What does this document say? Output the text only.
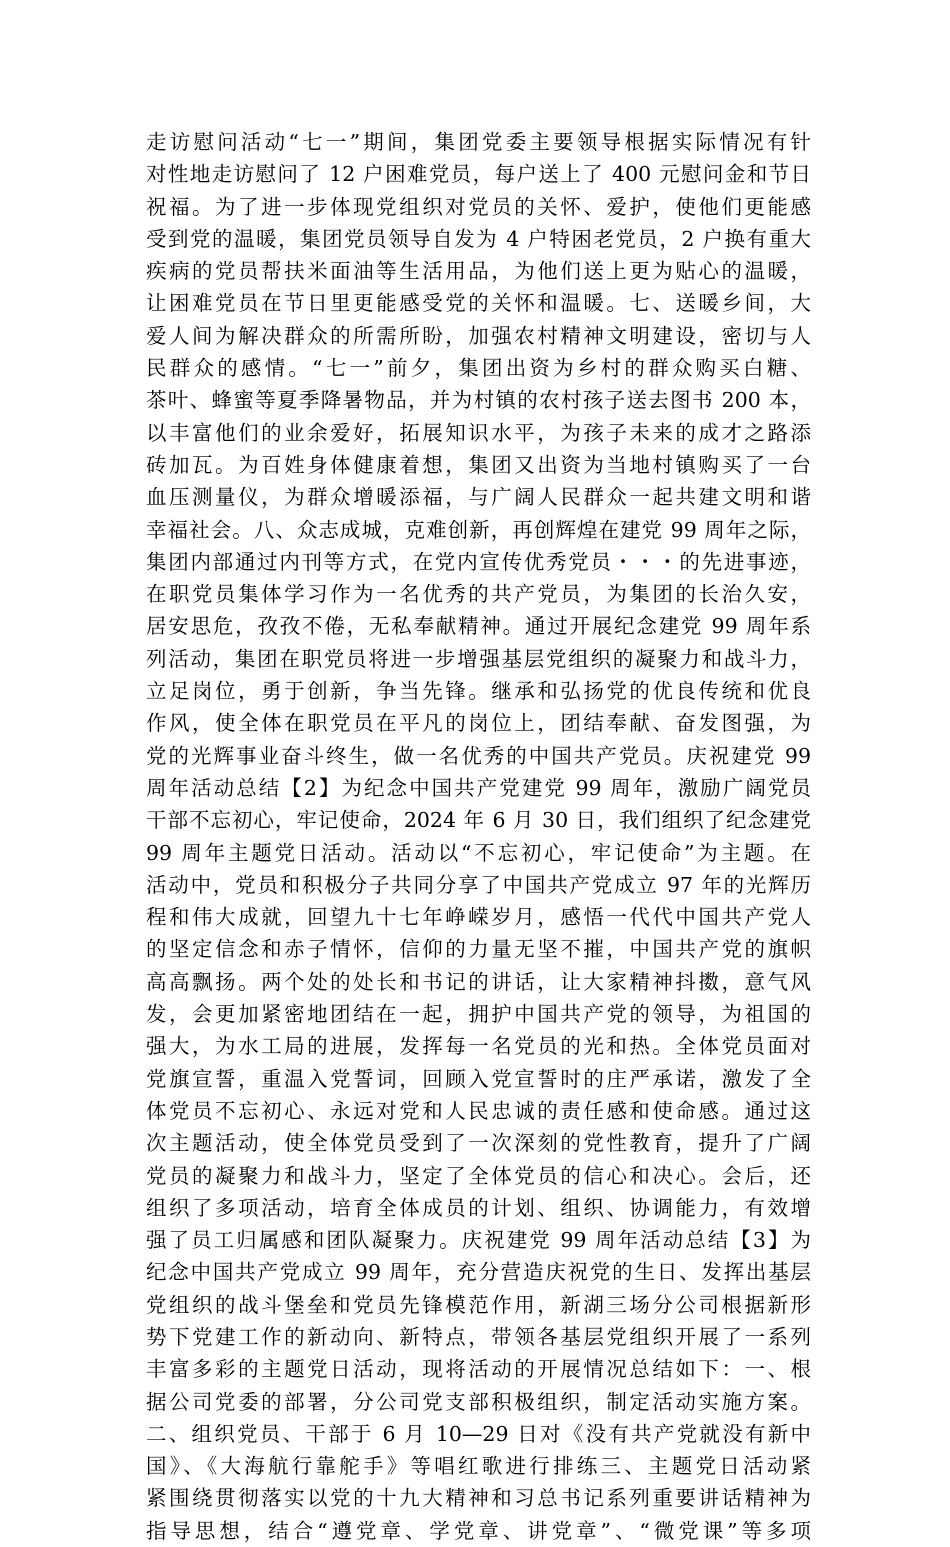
走访慰问活动“七一”期间，集团党委主要领导根据实际情况有针
对性地走访慰问了 12 户困难党员，每户送上了 400 元慰问金和节日
祝福。为了进一步体现党组织对党员的关怀、爱护，使他们更能感
受到党的温暖，集团党员领导自发为 4 户特困老党员，2 户换有重大
疾病的党员帮扶米面油等生活用品，为他们送上更为贴心的温暖，
让困难党员在节日里更能感受党的关怀和温暖。七、送暖乡间，大
爱人间为解决群众的所需所盼，加强农村精神文明建设，密切与人
民群众的感情。“七一”前夕，集团出资为乡村的群众购买白糖、
茶叶、蜂蜜等夏季降暑物品，并为村镇的农村孩子送去图书 200 本，
以丰富他们的业余爱好，拓展知识水平，为孩子未来的成才之路添
砖加瓦。为百姓身体健康着想，集团又出资为当地村镇购买了一台
血压测量仪，为群众增暖添福，与广阔人民群众一起共建文明和谐
幸福社会。八、众志成城，克难创新，再创辉煌在建党 99 周年之际，
集团内部通过内刊等方式，在党内宣传优秀党员・・・的先进事迹，
在职党员集体学习作为一名优秀的共产党员，为集团的长治久安，
居安思危，孜孜不倦，无私奉献精神。通过开展纪念建党 99 周年系
列活动，集团在职党员将进一步增强基层党组织的凝聚力和战斗力，
立足岗位，勇于创新，争当先锋。继承和弘扬党的优良传统和优良
作风，使全体在职党员在平凡的岗位上，团结奉献、奋发图强，为
党的光辉事业奋斗终生，做一名优秀的中国共产党员。庆祝建党 99
周年活动总结【2】为纪念中国共产党建党 99 周年，激励广阔党员
干部不忘初心，牢记使命，2024 年 6 月 30 日，我们组织了纪念建党
99 周年主题党日活动。活动以“不忘初心，牢记使命”为主题。在
活动中，党员和积极分子共同分享了中国共产党成立 97 年的光辉历
程和伟大成就，回望九十七年峥嵘岁月，感悟一代代中国共产党人
的坚定信念和赤子情怀，信仰的力量无坚不摧，中国共产党的旗帜
高高飘扬。两个处的处长和书记的讲话，让大家精神抖擞，意气风
发，会更加紧密地团结在一起，拥护中国共产党的领导，为祖国的
强大，为水工局的进展，发挥每一名党员的光和热。全体党员面对
党旗宣誓，重温入党誓词，回顾入党宣誓时的庄严承诺，激发了全
体党员不忘初心、永远对党和人民忠诚的责任感和使命感。通过这
次主题活动，使全体党员受到了一次深刻的党性教育，提升了广阔
党员的凝聚力和战斗力，坚定了全体党员的信心和决心。会后，还
组织了多项活动，培育全体成员的计划、组织、协调能力，有效增
强了员工归属感和团队凝聚力。庆祝建党 99 周年活动总结【3】为
纪念中国共产党成立 99 周年，充分营造庆祝党的生日、发挥出基层
党组织的战斗堡垒和党员先锋模范作用，新湖三场分公司根据新形
势下党建工作的新动向、新特点，带领各基层党组织开展了一系列
丰富多彩的主题党日活动，现将活动的开展情况总结如下：一、根
据公司党委的部署，分公司党支部积极组织，制定活动实施方案。
二、组织党员、干部于 6 月 10—29 日对《没有共产党就没有新中
国》、《大海航行靠舵手》等唱红歌进行排练三、主题党日活动紧
紧围绕贯彻落实以党的十九大精神和习总书记系列重要讲话精神为
指导思想，结合“遵党章、学党章、讲党章”、“微党课”等多项
